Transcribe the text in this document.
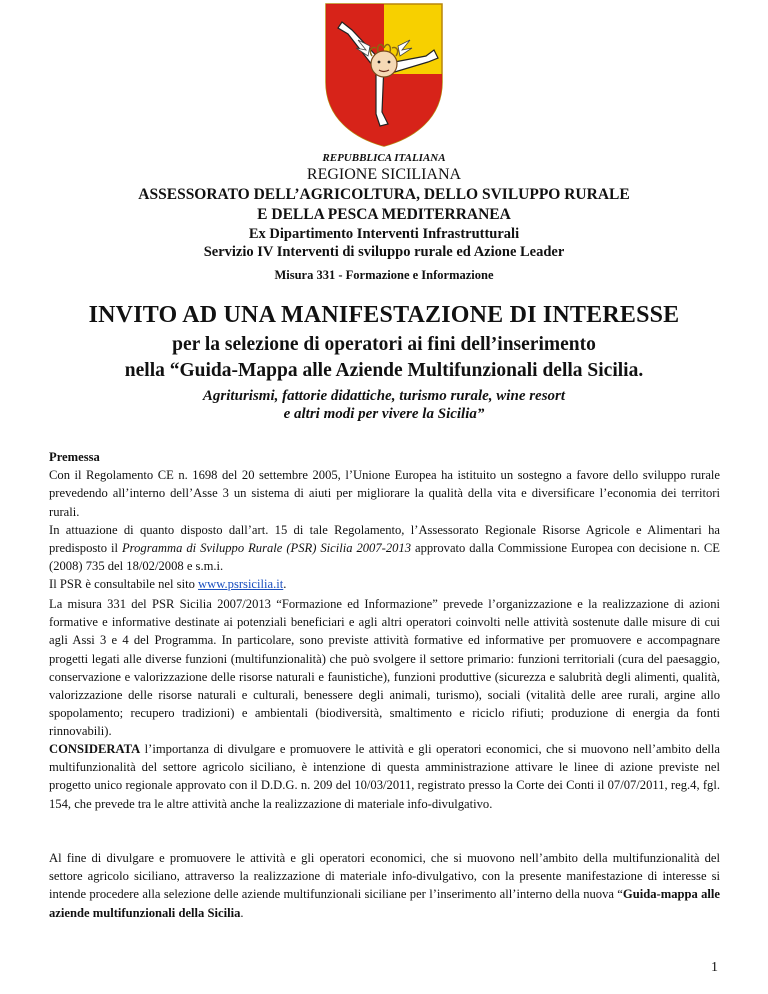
REPUBBLICA ITALIANA
REGIONE SICILIANA
ASSESSORATO DELL’AGRICOLTURA, DELLO SVILUPPO RURALE
E DELLA PESCA MEDITERRANEA
Ex Dipartimento Interventi Infrastrutturali
Servizio IV Interventi di sviluppo rurale ed Azione Leader
Misura 331 - Formazione e Informazione
INVITO AD UNA MANIFESTAZIONE DI INTERESSE
per la selezione di operatori ai fini dell’inserimento
nella “Guida-Mappa alle Aziende Multifunzionali della Sicilia.
Agriturismi, fattorie didattiche, turismo rurale, wine resort
e altri modi per vivere la Sicilia”

Premessa

Con il Regolamento CE n. 1698 del 20 settembre 2005, l’Unione Europea ha istituito un sostegno a favore dello sviluppo rurale prevedendo all’interno dell’Asse 3 un sistema di aiuti per migliorare la qualità della vita e diversificare l’economia dei territori rurali.

In attuazione di quanto disposto dall’art. 15 di tale Regolamento, l’Assessorato Regionale Risorse Agricole e Alimentari ha predisposto il Programma di Sviluppo Rurale (PSR) Sicilia 2007-2013 approvato dalla Commissione Europea con decisione n. CE (2008) 735 del 18/02/2008 e s.m.i.

Il PSR è consultabile nel sito www.psrsicilia.it.

La misura 331 del PSR Sicilia 2007/2013 “Formazione ed Informazione” prevede l’organizzazione e la realizzazione di azioni formative e informative destinate ai potenziali beneficiari e agli altri operatori coinvolti nelle attività sostenute dalle misure di cui agli Assi 3 e 4 del Programma. In particolare, sono previste attività formative ed informative per promuovere e accompagnare progetti legati alle diverse funzioni (multifunzionalità) che può svolgere il settore primario: funzioni territoriali (cura del paesaggio, conservazione e valorizzazione delle risorse naturali e faunistiche), funzioni produttive (sicurezza e salubrità degli alimenti, qualità, valorizzazione delle risorse naturali e culturali, benessere degli animali, turismo), sociali (vitalità delle aree rurali, argine allo spopolamento; recupero tradizioni) e ambientali (biodiversità, smaltimento e riciclo rifiuti; produzione di energia da fonti rinnovabili).

CONSIDERATA l’importanza di divulgare e promuovere le attività e gli operatori economici, che si muovono nell’ambito della multifunzionalità del settore agricolo siciliano, è intenzione di questa amministrazione attivare le linee di azione previste nel progetto unico regionale approvato con il D.D.G. n. 209 del 10/03/2011, registrato presso la Corte dei Conti il 07/07/2011, reg.4, fgl. 154, che prevede tra le altre attività anche la realizzazione di materiale info-divulgativo.

Al fine di divulgare e promuovere le attività e gli operatori economici, che si muovono nell’ambito della multifunzionalità del settore agricolo siciliano, attraverso la realizzazione di materiale info-divulgativo, con la presente manifestazione di interesse si intende procedere alla selezione delle aziende multifunzionali siciliane per l’inserimento all’interno della nuova “Guida-mappa alle aziende multifunzionali della Sicilia.

1
